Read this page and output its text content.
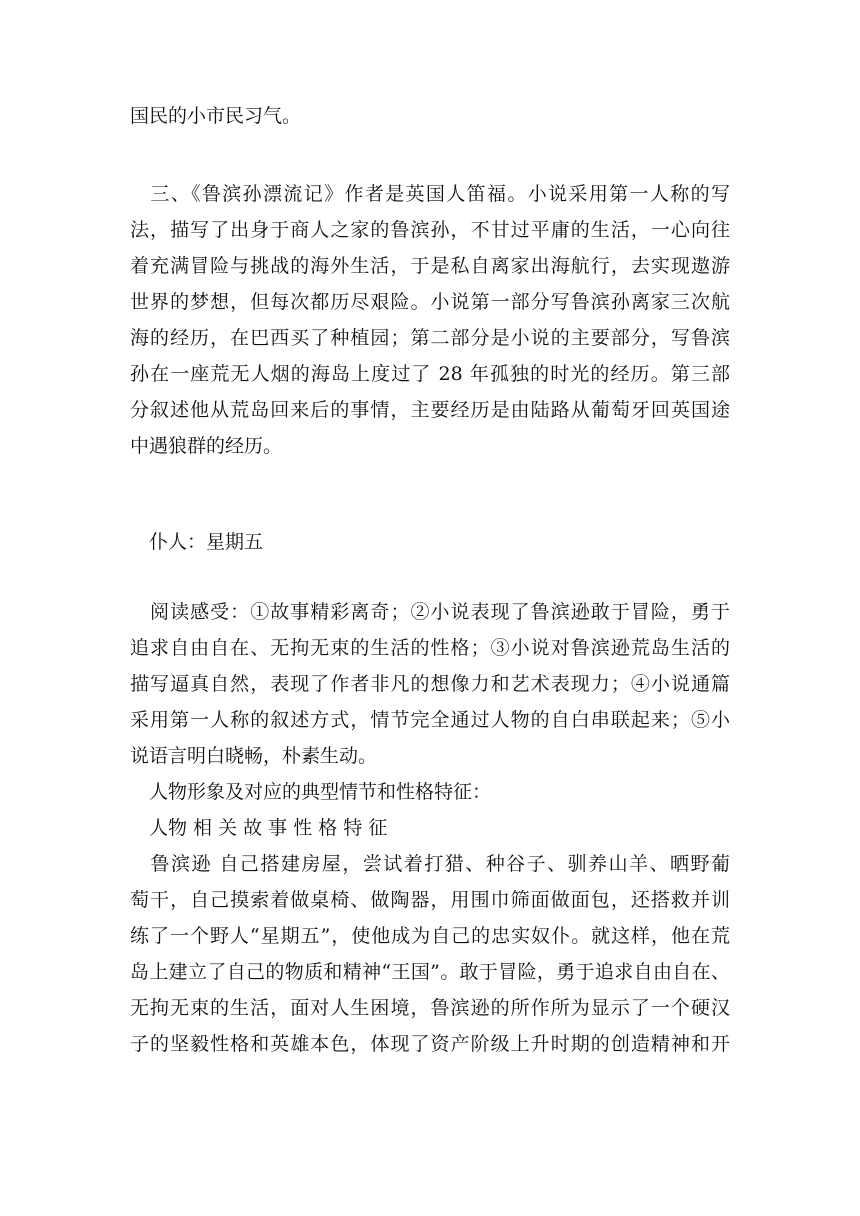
国民的小市民习气。
　三、《鲁滨孙漂流记》作者是英国人笛福。小说采用第一人称的写
法，描写了出身于商人之家的鲁滨孙，不甘过平庸的生活，一心向往
着充满冒险与挑战的海外生活，于是私自离家出海航行，去实现遨游
世界的梦想，但每次都历尽艰险。小说第一部分写鲁滨孙离家三次航
海的经历，在巴西买了种植园；第二部分是小说的主要部分，写鲁滨
孙在一座荒无人烟的海岛上度过了 28 年孤独的时光的经历。第三部
分叙述他从荒岛回来后的事情，主要经历是由陆路从葡萄牙回英国途
中遇狼群的经历。
　仆人：星期五
　阅读感受：①故事精彩离奇；②小说表现了鲁滨逊敢于冒险，勇于
追求自由自在、无拘无束的生活的性格；③小说对鲁滨逊荒岛生活的
描写逼真自然，表现了作者非凡的想像力和艺术表现力；④小说通篇
采用第一人称的叙述方式，情节完全通过人物的自白串联起来；⑤小
说语言明白晓畅，朴素生动。
　人物形象及对应的典型情节和性格特征：
　人物 相 关 故 事 性 格 特 征
　鲁滨逊 自己搭建房屋，尝试着打猎、种谷子、驯养山羊、晒野葡
萄干，自己摸索着做桌椅、做陶器，用围巾筛面做面包，还搭救并训
练了一个野人“星期五”，使他成为自己的忠实奴仆。就这样，他在荒
岛上建立了自己的物质和精神“王国”。敢于冒险，勇于追求自由自在、
无拘无束的生活，面对人生困境，鲁滨逊的所作所为显示了一个硬汉
子的坚毅性格和英雄本色，体现了资产阶级上升时期的创造精神和开
